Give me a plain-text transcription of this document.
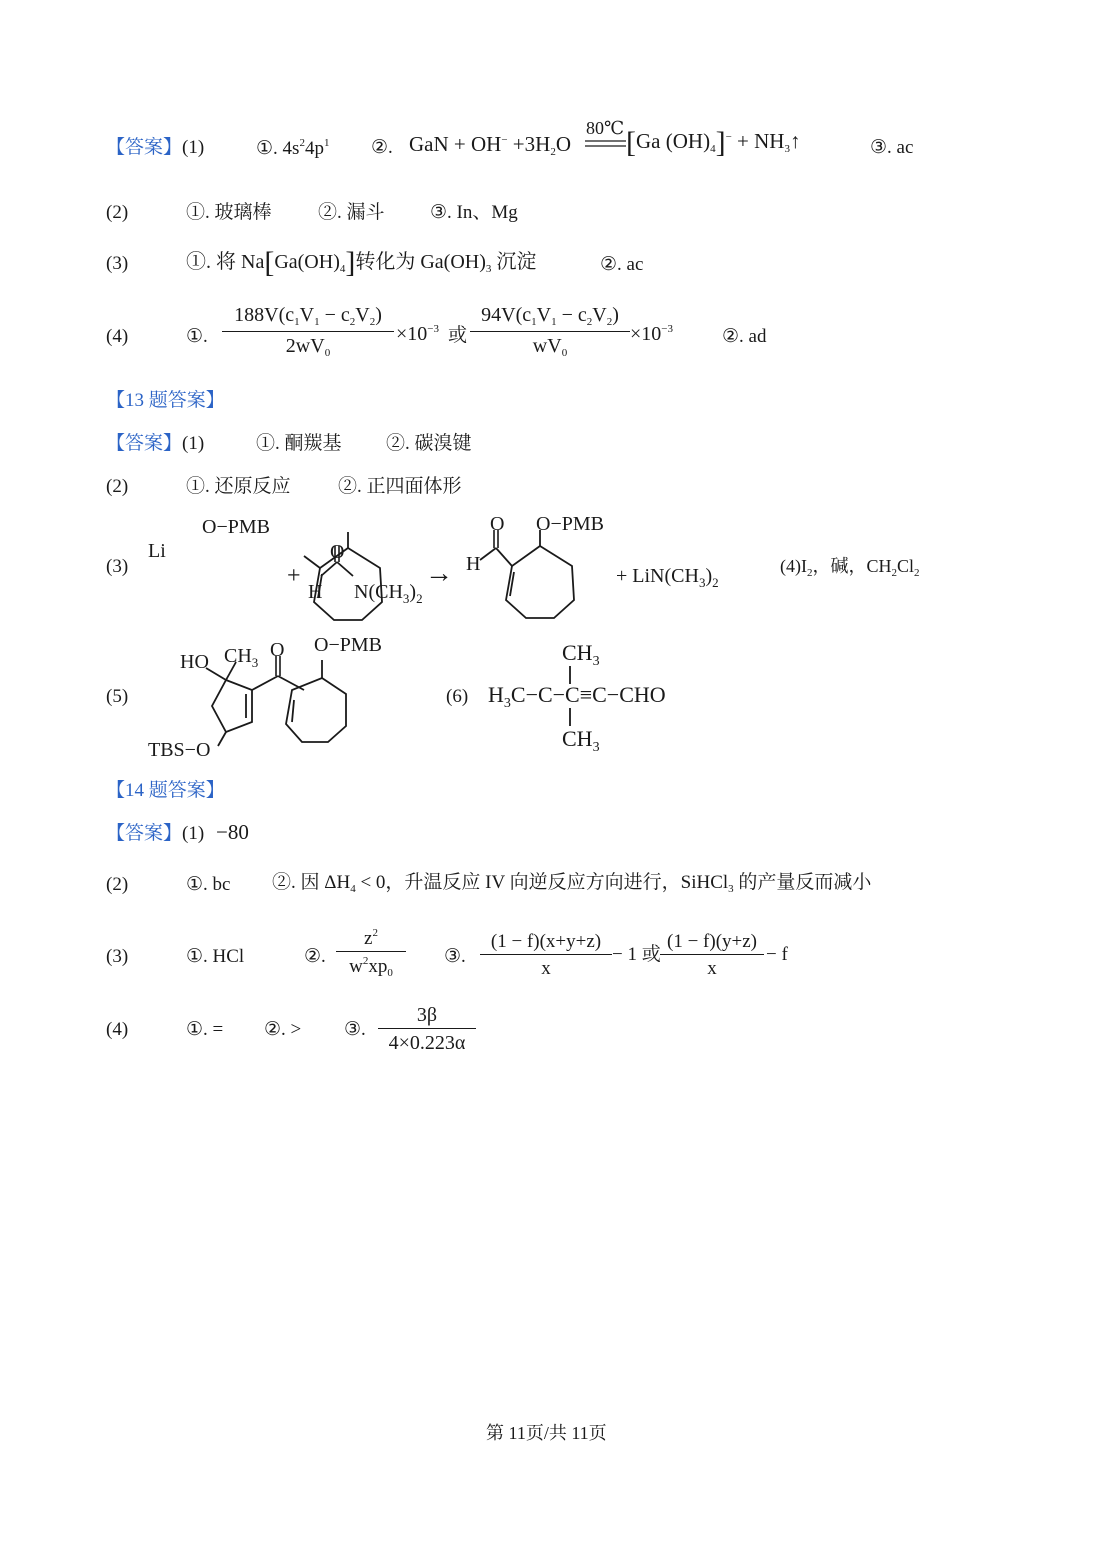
【答案】(1)	①. $4s^24p^1$ ②. GaN + $OH^- +3H_2O$
80℃ [Ga $(OH)_4]^-$ + $NH_3↑$	③. ac
(2)	①. 玻璃棒 ②. 漏斗 ③. In、Mg
(3)	①. 将 $Na[Ga(OH)_4]$转化为 $Ga(OH)_3$ 沉淀	②. ac
(4)	①. $\frac{188V(c_1V_1 - c_2V_2)}{2wV_0} \times 10^{-3}$ 或 $\frac{94V(c_1V_1 - c_2V_2)}{wV_0} \times 10^{-3}$	②. ad
【13 题答案】
【答案】(1)	①. 酮羰基 ②. 碳溴键
(2)	①. 还原反应 ②. 正四面体形
(3)
Li
O−PMB
+
O
H $N(CH_3)_2$
→
O
H
O−PMB
+ $LiN(CH_3)_2$
$(4)I_2$，碱，$CH_2Cl_2$
(5)
HO $CH_3$
O O−PMB
TBS−O
(6)
$CH_3$
$H_3C-C-C\equiv C-CHO$
$CH_3$
【14 题答案】
【答案】(1) −80
(2)	①. bc ②. 因 $\Delta H_4 < 0$，升温反应 IV 向逆反应方向进行，SiHCl$_3$ 的产量反而减小
(3)	①. HCl	②. $\frac{z^2}{w^2xp_0}$ ③. $\frac{(1 - f)(x+y+z)}{x} - 1$ 或 $\frac{(1 - f)(y+z)}{x} - f$
(4)	①. = ②. > ③. $\frac{3\beta}{4\times 0.223\alpha}$
第 11页/共 11页
